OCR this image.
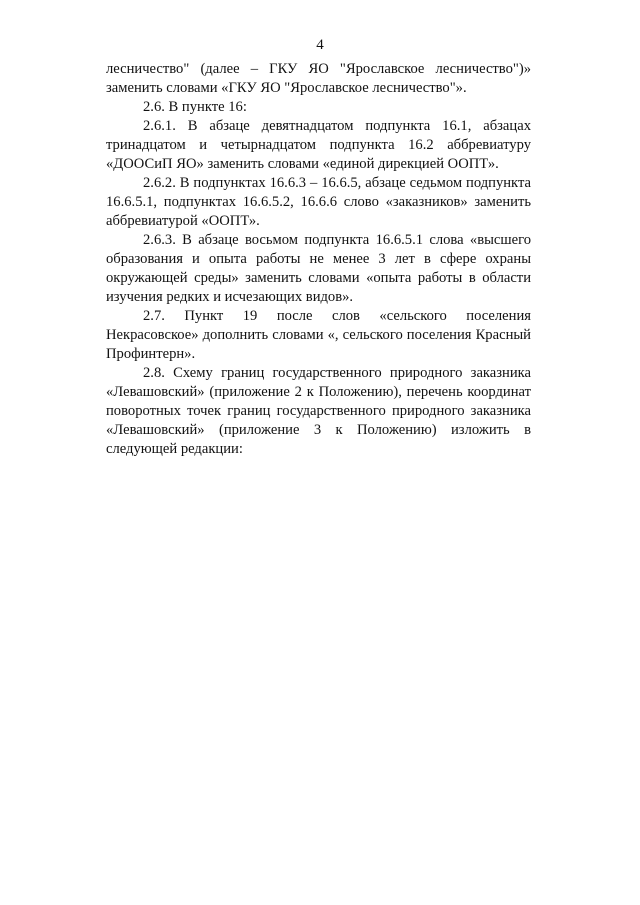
4

лесничество" (далее – ГКУ ЯО "Ярославское лесничество")» заменить словами «ГКУ ЯО "Ярославское лесничество"».

2.6. В пункте 16:

2.6.1. В абзаце девятнадцатом подпункта 16.1, абзацах тринадцатом и четырнадцатом подпункта 16.2 аббревиатуру «ДООСиП ЯО» заменить словами «единой дирекцией ООПТ».

2.6.2. В подпунктах 16.6.3 – 16.6.5, абзаце седьмом подпункта 16.6.5.1, подпунктах 16.6.5.2, 16.6.6 слово «заказников» заменить аббревиатурой «ООПТ».

2.6.3. В абзаце восьмом подпункта 16.6.5.1 слова «высшего образования и опыта работы не менее 3 лет в сфере охраны окружающей среды» заменить словами «опыта работы в области изучения редких и исчезающих видов».

2.7. Пункт 19 после слов «сельского поселения Некрасовское» дополнить словами «, сельского поселения Красный Профинтерн».

2.8. Схему границ государственного природного заказника «Левашовский» (приложение 2 к Положению), перечень координат поворотных точек границ государственного природного заказника «Левашовский» (приложение 3 к Положению) изложить в следующей редакции:
